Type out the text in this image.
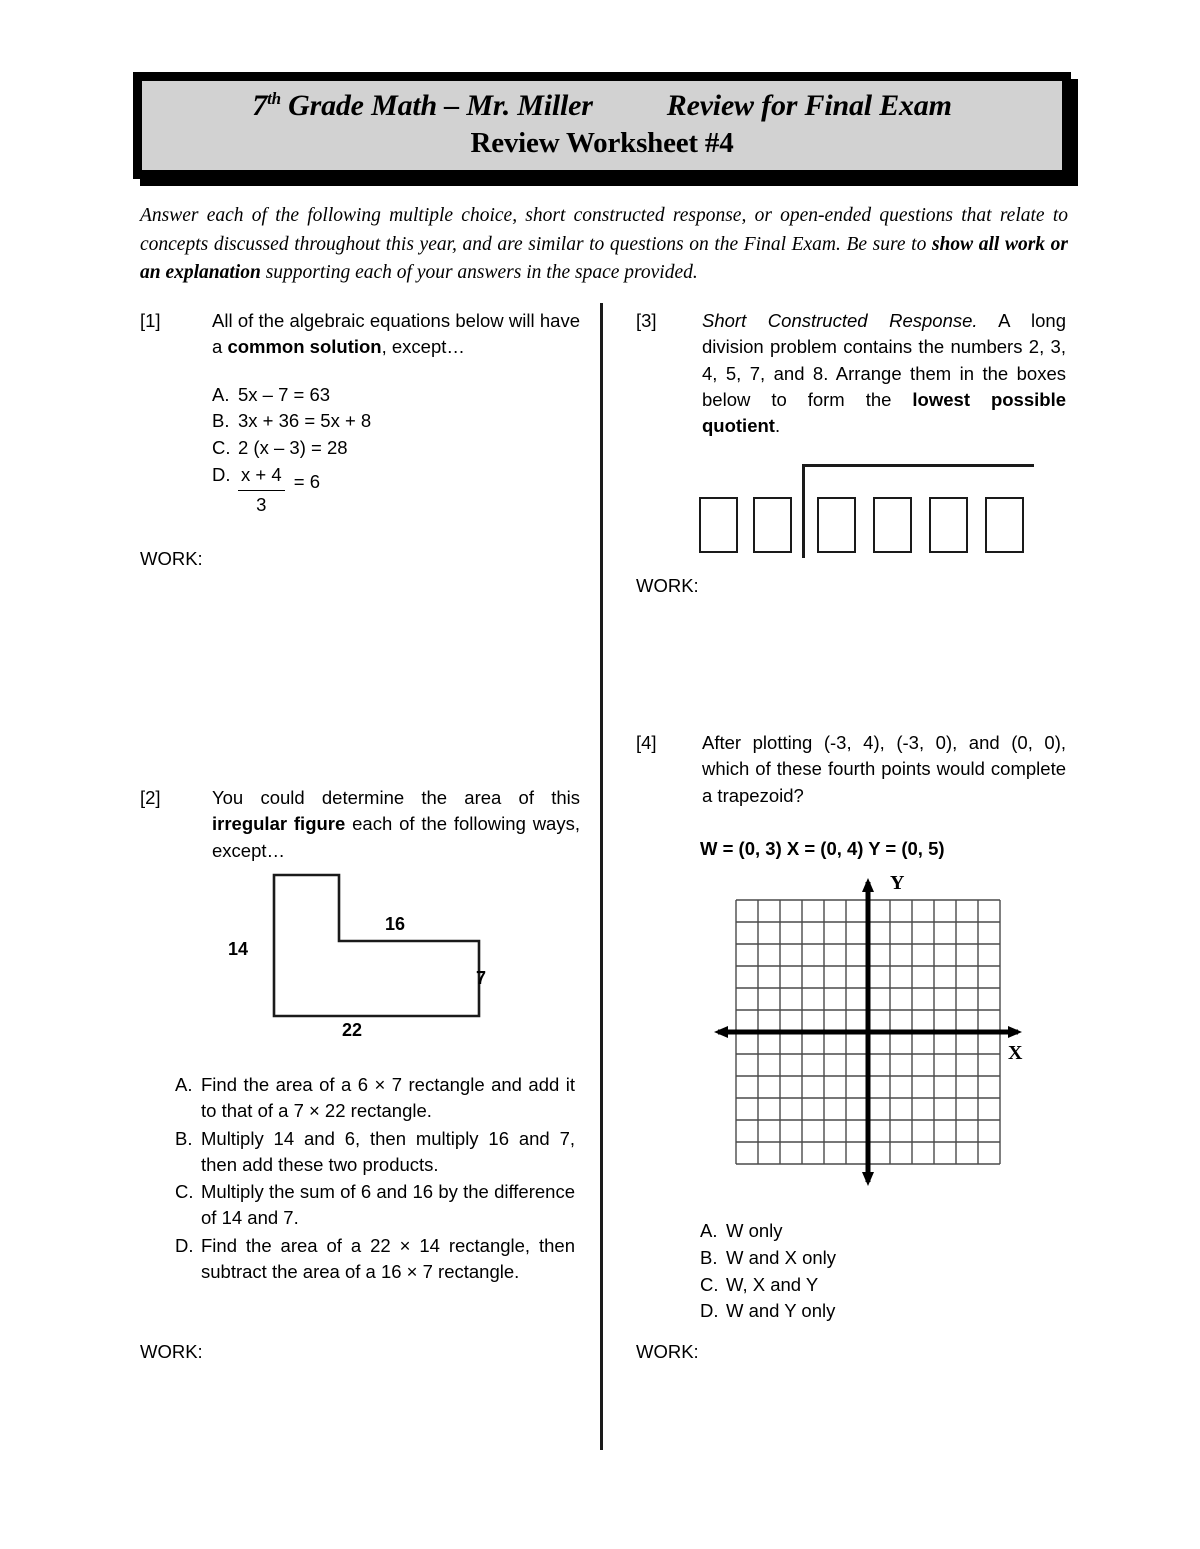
7th Grade Math – Mr. Miller Review for Final Exam
Review Worksheet #4
Answer each of the following multiple choice, short constructed response, or open-ended questions that relate to concepts discussed throughout this year, and are similar to questions on the Final Exam. Be sure to show all work or an explanation supporting each of your answers in the space provided.
[1]	All of the algebraic equations below will have a common solution, except…
A. 5x – 7 = 63
B. 3x + 36 = 5x + 8
C. 2 (x – 3) = 28
D. $\frac{x + 4}{3} = 6$
WORK:
[2]	You could determine the area of this irregular figure each of the following ways, except…
14
16
7
22
A. Find the area of a 6 × 7 rectangle and add it to that of a 7 × 22 rectangle.
B. Multiply 14 and 6, then multiply 16 and 7, then add these two products.
C. Multiply the sum of 6 and 16 by the difference of 14 and 7.
D. Find the area of a 22 × 14 rectangle, then subtract the area of a 16 × 7 rectangle.
WORK:
[3]	Short Constructed Response. A long division problem contains the numbers 2, 3, 4, 5, 7, and 8. Arrange them in the boxes below to form the lowest possible quotient.
WORK:
[4]	After plotting (-3, 4), (-3, 0), and (0, 0), which of these fourth points would complete a trapezoid?
W = (0, 3) X = (0, 4) Y = (0, 5)
Y
X
A. W only
B. W and X only
C. W, X and Y
D. W and Y only
WORK:
